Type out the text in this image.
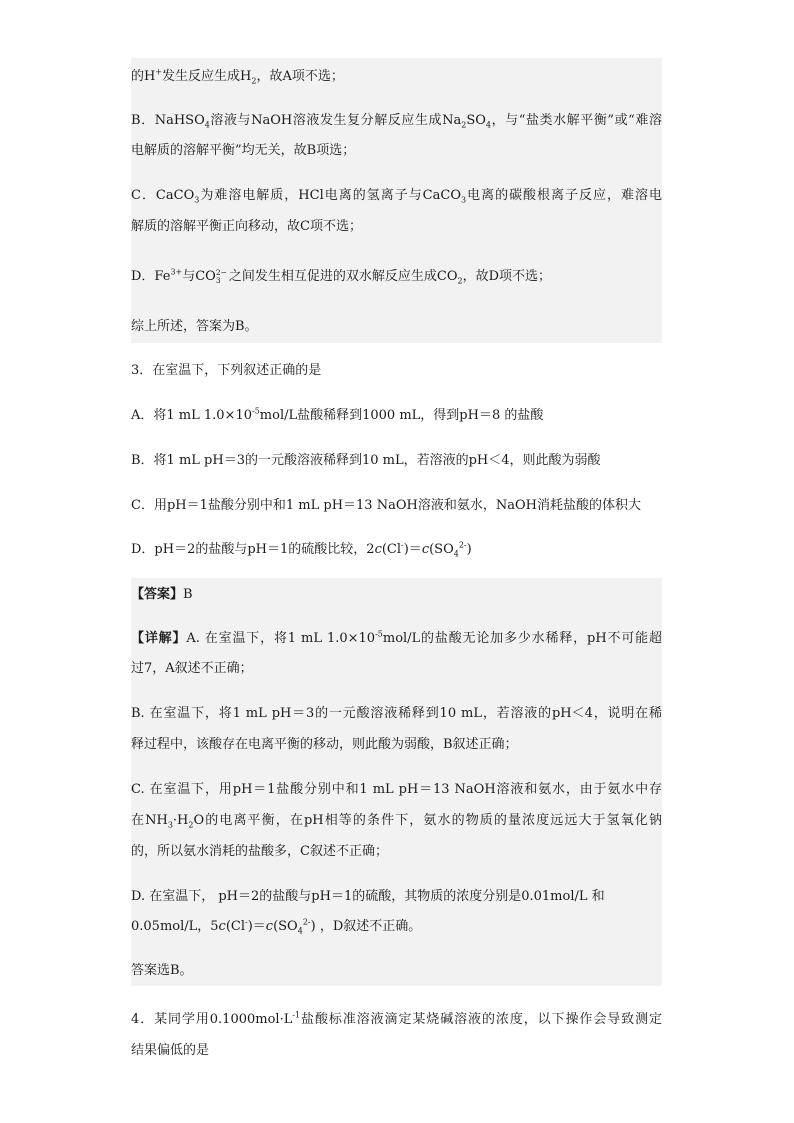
的H+发生反应生成$H_2$，故A项不选；
B．NaHSO$_4$溶液与NaOH溶液发生复分解反应生成$Na_2SO_4$，与“盐类水解平衡”或“难溶
电解质的溶解平衡”均无关，故B项选；
C．CaCO$_3$为难溶电解质，HCl电离的氢离子与CaCO$_3$电离的碳酸根离子反应，难溶电
解质的溶解平衡正向移动，故C项不选；
D．$Fe^{3+}$与CO2−
3 之间发生相互促进的双水解反应生成$CO_2$，故D项不选；
综上所述，答案为B。
3．在室温下，下列叙述正确的是
A．将1 mL $1.0\times 10^{-5}mol/L$盐酸稀释到1000 mL，得到pH＝8 的盐酸
B．将1 mL pH＝3的一元酸溶液稀释到10 mL，若溶液的pH＜4，则此酸为弱酸
C．用pH＝1盐酸分别中和1 mL pH＝13 NaOH溶液和氨水，NaOH消耗盐酸的体积大
D．pH＝2的盐酸与pH＝1的硫酸比较，$2c(Cl^-)=c(SO_4^{2-})$
【答案】B
【详解】A. 在室温下，将1 mL $1.0\times 10^{-5}mol/L$的盐酸无论加多少水稀释，pH不可能超
过7，A叙述不正确；
B. 在室温下，将1 mL pH＝3的一元酸溶液稀释到10 mL，若溶液的pH＜4，说明在稀
释过程中，该酸存在电离平衡的移动，则此酸为弱酸，B叙述正确；
C. 在室温下，用pH＝1盐酸分别中和1 mL pH＝13 NaOH溶液和氨水，由于氨水中存
在$NH_3\cdot H_2O$的电离平衡，在pH相等的条件下，氨水的物质的量浓度远远大于氢氧化钠
的，所以氨水消耗的盐酸多，C叙述不正确；
D. 在室温下， pH＝2的盐酸与pH＝1的硫酸，其物质的浓度分别是0.01mol/L 和
0.05mol/L，$5c(Cl^-)=c(SO_4^{2-})$ ，D叙述不正确。
答案选B。
4．某同学用$0.1000mol\cdot L^{-1}$盐酸标准溶液滴定某烧碱溶液的浓度，以下操作会导致测定
结果偏低的是
